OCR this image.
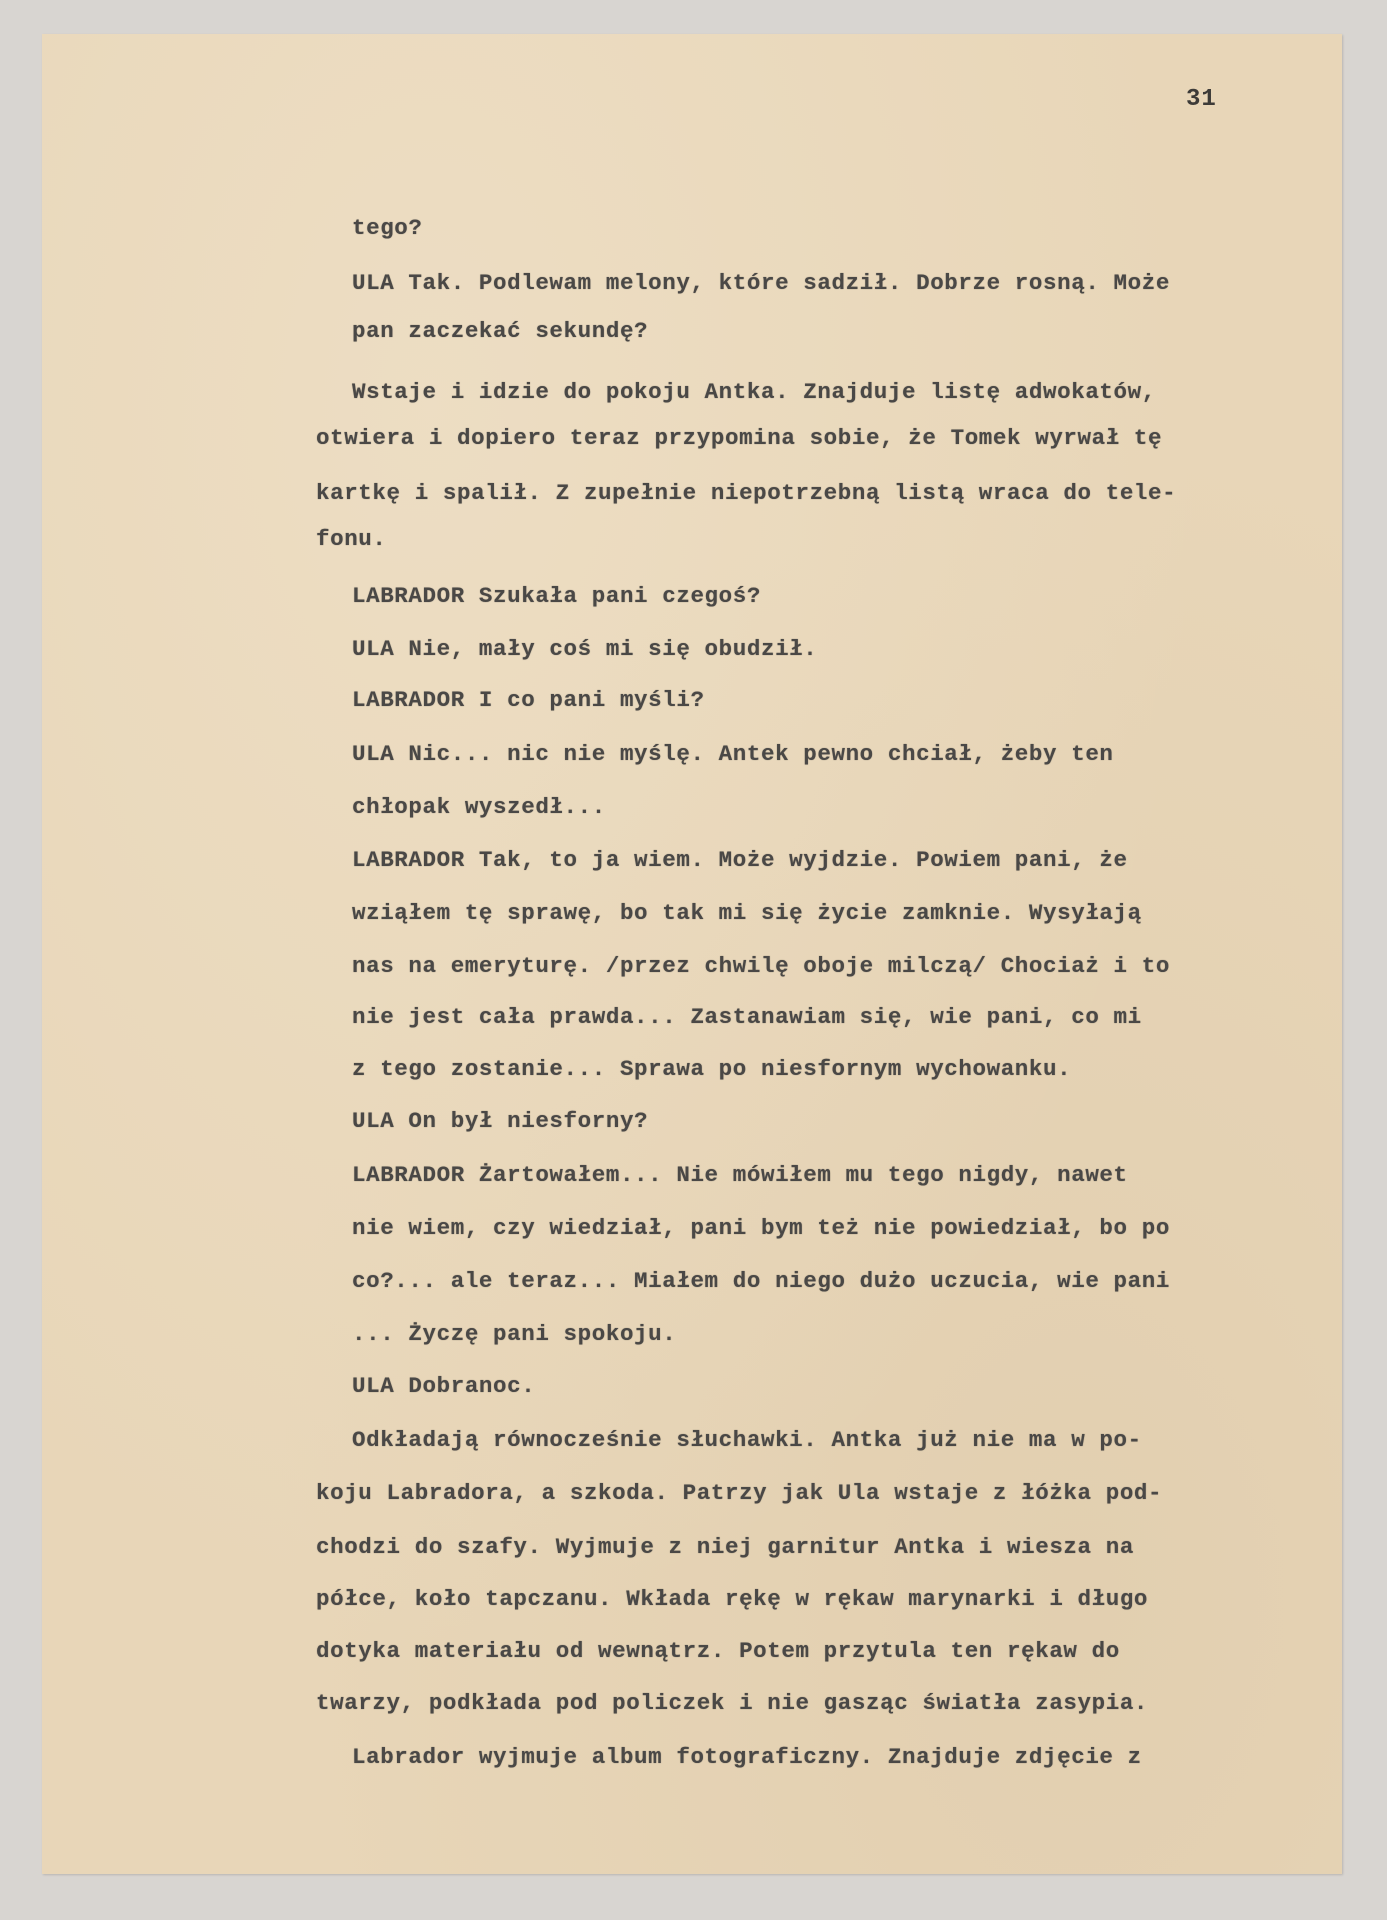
31
tego?
ULA Tak. Podlewam melony, które sadził. Dobrze rosną. Może
pan zaczekać sekundę?
Wstaje i idzie do pokoju Antka. Znajduje listę adwokatów,
otwiera i dopiero teraz przypomina sobie, że Tomek wyrwał tę
kartkę i spalił. Z zupełnie niepotrzebną listą wraca do tele-
fonu.
LABRADOR Szukała pani czegoś?
ULA Nie, mały coś mi się obudził.
LABRADOR I co pani myśli?
ULA Nic... nic nie myślę. Antek pewno chciał, żeby ten
chłopak wyszedł...
LABRADOR Tak, to ja wiem. Może wyjdzie. Powiem pani, że
wziąłem tę sprawę, bo tak mi się życie zamknie. Wysyłają
nas na emeryturę. /przez chwilę oboje milczą/ Chociaż i to
nie jest cała prawda... Zastanawiam się, wie pani, co mi
z tego zostanie... Sprawa po niesfornym wychowanku.
ULA On był niesforny?
LABRADOR Żartowałem... Nie mówiłem mu tego nigdy, nawet
nie wiem, czy wiedział, pani bym też nie powiedział, bo po
co?... ale teraz... Miałem do niego dużo uczucia, wie pani
... Życzę pani spokoju.
ULA Dobranoc.
Odkładają równocześnie słuchawki. Antka już nie ma w po-
koju Labradora, a szkoda. Patrzy jak Ula wstaje z łóżka pod-
chodzi do szafy. Wyjmuje z niej garnitur Antka i wiesza na
półce, koło tapczanu. Wkłada rękę w rękaw marynarki i długo
dotyka materiału od wewnątrz. Potem przytula ten rękaw do
twarzy, podkłada pod policzek i nie gasząc światła zasypia.
Labrador wyjmuje album fotograficzny. Znajduje zdjęcie z
